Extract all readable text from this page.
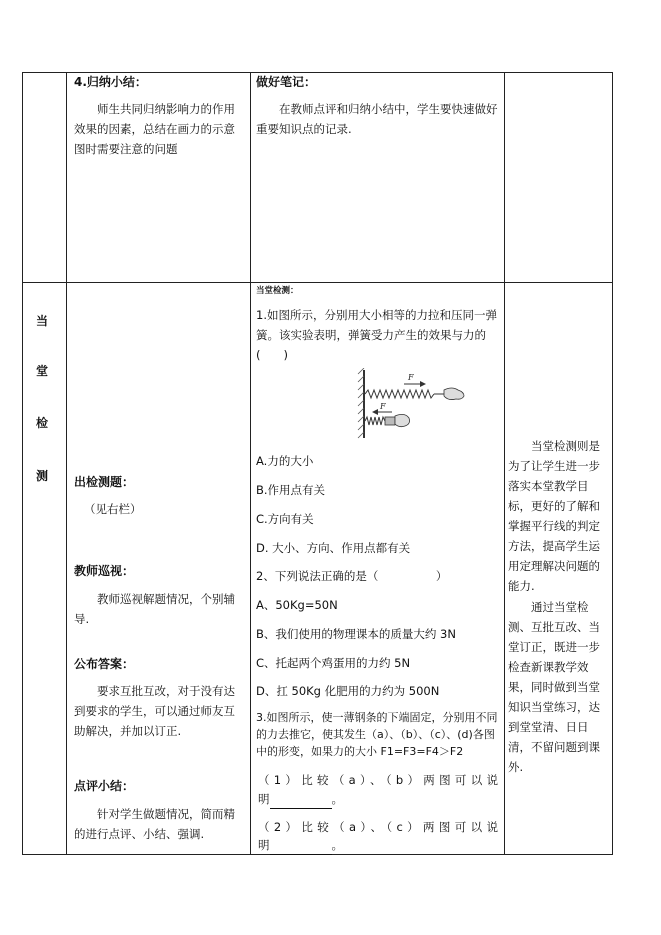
4.归纳小结：
师生共同归纳影响力的作用效果的因素，总结在画力的示意图时需要注意的问题
做好笔记：
在教师点评和归纳小结中，学生要快速做好重要知识点的记录.
当
堂
检
测 出检测题：
（见右栏）
教师巡视：
教师巡视解题情况，个别辅导.
公布答案：
要求互批互改，对于没有达到要求的学生，可以通过师友互助解决，并加以订正.
点评小结：
针对学生做题情况，简而精的进行点评、小结、强调.
当堂检测：
1.如图所示，分别用大小相等的力拉和压同一弹簧。该实验表明，弹簧受力产生的效果与力的(　　)
F
F
A.力的大小
B.作用点有关
C.方向有关
D. 大小、方向、作用点都有关
2、下列说法正确的是（　　　　　）
A、50Kg=50N
B、我们使用的物理课本的质量大约 3N
C、托起两个鸡蛋用的力约 5N
D、扛 50Kg 化肥用的力约为 500N
3.如图所示，使一薄钢条的下端固定，分别用不同的力去推它，使其发生（a）、（b）、（c）、(d)各图中的形变，如果力的大小 F1=F3=F4＞F2
（1）比较（a）、（b）两图可以说
明	。
（2）比较（a）、（c）两图可以说
明	。
当堂检测则是为了让学生进一步落实本堂教学目标，更好的了解和掌握平行线的判定方法，提高学生运用定理解决问题的能力.
通过当堂检测、互批互改、当堂订正，既进一步检查新课教学效果，同时做到当堂知识当堂练习，达到堂堂清、日日清，不留问题到课外.
